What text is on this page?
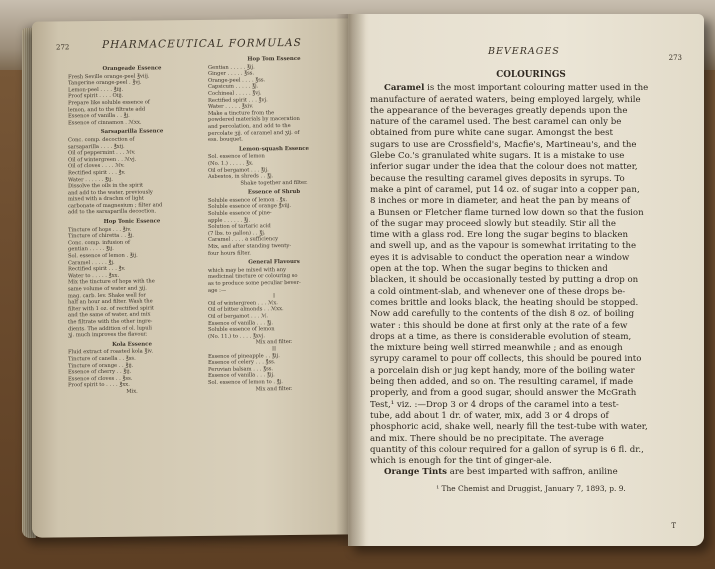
272	PHARMACEUTICAL FORMULAS
Orangeade Essence
Fresh Seville orange-peel ℥viij.
Tangerine orange-peel . ℥vj.
Lemon-peel . . . . ℥iij.
Proof spirit . . . . Oiij.
Prepare like soluble essence of
lemon, and to the filtrate add
Essence of vanilla . . ℥j.
Essence of cinnamon . ℳxx.
Sarsaparilla Essence
Conc. comp. decoction of
sarsaparilla . . . . ℥xij.
Oil of peppermint . . . ℳv.
Oil of wintergreen . . ℳvj.
Oil of cloves . . . . ℳv.
Rectified spirit . . . ℥v.
Water . . . . . . ℥ij.
Dissolve the oils in the spirit
and add to the water, previously
mixed with a drachm of light
carbonate of magnesium ; filter and
add to the sarsaparilla decoction.
Hop Tonic Essence
Tincture of hops . . . ℥iv.
Tincture of chiretta . . ℥j.
Conc. comp. infusion of
gentian . . . . . ℥ij.
Sol. essence of lemon . ℥ij.
Caramel . . . . . ℥j.
Rectified spirit . . . ℥v.
Water to . . . . . ℥xx.
Mix the tincture of hops with the
same volume of water and ʒij.
mag. carb. lev. Shake well for
half an hour and filter. Wash the
filter with 1 oz. of rectified spirit
and the same of water, and mix
the filtrate with the other ingre-
dients. The addition of ol. lupuli
ʒj. much improves the flavour.
Kola Essence
Fluid extract of roasted kola ℥iv.
Tincture of canella . . ℥ss.
Tincture of orange . . ℥ij.
Essence of cherry . . ℥ij.
Essence of cloves . . ℥ss.
Proof spirit to . . . . ℥xx.
Mix.
Hop Tom Essence
Gentian . . . . . ℥ij.
Ginger . . . . . ℥ss.
Orange-peel . . . . ℥ss.
Capsicum . . . . . ℥j.
Cochineal . . . . . ℥vj.
Rectified spirit . . . ℥vj.
Water . . . . . ℥xiv.
Make a tincture from the
powdered materials by maceration
and percolation, and add to the
percolate ʒij. of caramel and ʒij. of
ess. bouquet.
Lemon-squash Essence
Sol. essence of lemon
(No. 1.) . . . . . ℥x.
Oil of bergamot . . . ℥ij.
Asbestos, in shreds . . ℥j.
Shake together and filter.
Essence of Shrub
Soluble essence of lemon . ℥x.
Soluble essence of orange ℥viij.
Soluble essence of pine-
apple . . . . . . ℥j.
Solution of tartaric acid
(7 lbs. to gallon) . . ℥j.
Caramel . . . . a sufficiency
Mix, and after standing twenty-
four hours filter.
General Flavours
which may be mixed with any
medicinal tincture or colouring so
as to produce some peculiar bever-
age :—
I
Oil of wintergreen . . . ℳx.
Oil of bitter almonds . . ℳxx.
Oil of bergamot . . . ℳ.
Essence of vanilla . . . ℥j.
Soluble essence of lemon
(No. 11.) to . . . . ℥xvj.
Mix and filter.
II
Essence of pineapple . . ℥ij.
Essence of celery . . . ℥ss.
Peruvian balsam . . . ℥ss.
Essence of vanilla . . . ℥ij.
Sol. essence of lemon to . ℥j.
Mix and filter.
BEVERAGES
273
COLOURINGS
Caramel is the most important colouring matter used in the
manufacture of aerated waters, being employed largely, while
the appearance of the beverages greatly depends upon the
nature of the caramel used. The best caramel can only be
obtained from pure white cane sugar. Amongst the best
sugars to use are Crossfield's, Macfie's, Martineau's, and the
Glebe Co.'s granulated white sugars. It is a mistake to use
inferior sugar under the idea that the colour does not matter,
because the resulting caramel gives deposits in syrups. To
make a pint of caramel, put 14 oz. of sugar into a copper pan,
8 inches or more in diameter, and heat the pan by means of
a Bunsen or Fletcher flame turned low down so that the fusion
of the sugar may proceed slowly but steadily. Stir all the
time with a glass rod. Ere long the sugar begins to blacken
and swell up, and as the vapour is somewhat irritating to the
eyes it is advisable to conduct the operation near a window
open at the top. When the sugar begins to thicken and
blacken, it should be occasionally tested by putting a drop on
a cold ointment-slab, and whenever one of these drops be-
comes brittle and looks black, the heating should be stopped.
Now add carefully to the contents of the dish 8 oz. of boiling
water : this should be done at first only at the rate of a few
drops at a time, as there is considerable evolution of steam,
the mixture being well stirred meanwhile ; and as enough
syrupy caramel to pour off collects, this should be poured into
a porcelain dish or jug kept handy, more of the boiling water
being then added, and so on. The resulting caramel, if made
properly, and from a good sugar, should answer the McGrath
Test,¹ viz. :—Drop 3 or 4 drops of the caramel into a test-
tube, add about 1 dr. of water, mix, add 3 or 4 drops of
phosphoric acid, shake well, nearly fill the test-tube with water,
and mix. There should be no precipitate. The average
quantity of this colour required for a gallon of syrup is 6 fl. dr.,
which is enough for the tint of ginger-ale.
Orange Tints are best imparted with saffron, aniline
¹ The Chemist and Druggist, January 7, 1893, p. 9.
T
